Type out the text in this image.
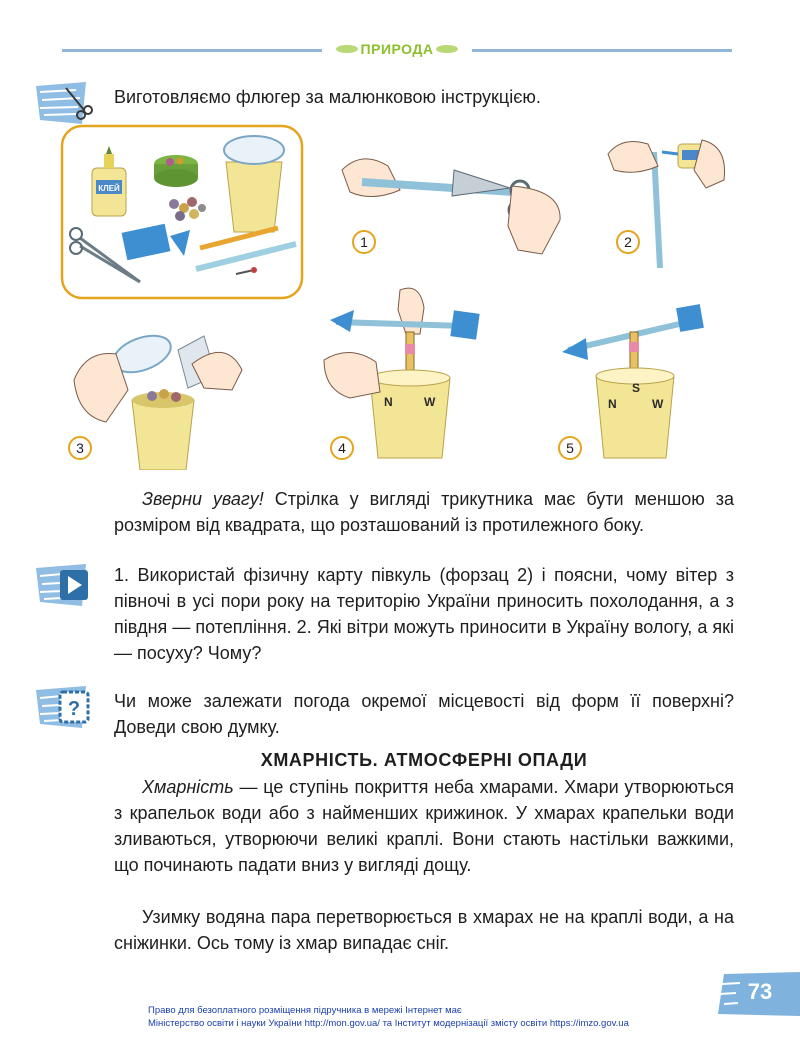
ПРИРОДА
Виготовляємо флюгер за малюнковою інструкцією.
КЛЕЙ
1	2
3
N	W
4
S
N	W
5
Зверни увагу! Стрілка у вигляді трикутника має бути меншою за розміром від квадрата, що розташований із протилежного боку.
1. Використай фізичну карту півкуль (форзац 2) і поясни, чому вітер з півночі в усі пори року на територію України приносить похолодання, а з півдня — потепління. 2. Які вітри можуть приносити в Україну вологу, а які — посуху? Чому?
? Чи може залежати погода окремої місцевості від форм її поверхні? Доведи свою думку.
ХМАРНІСТЬ. АТМОСФЕРНІ ОПАДИ
Хмарність — це ступінь покриття неба хмарами. Хмари утворюються з крапельок води або з найменших крижинок. У хмарах крапельки води зливаються, утворюючи великі краплі. Вони стають настільки важкими, що починають падати вниз у вигляді дощу.
Узимку водяна пара перетворюється в хмарах не на краплі води, а на сніжинки. Ось тому із хмар випадає сніг.
73
Право для безоплатного розміщення підручника в мережі Інтернет має
Міністерство освіти і науки України http://mon.gov.ua/ та Інститут модернізації змісту освіти https://imzo.gov.ua
